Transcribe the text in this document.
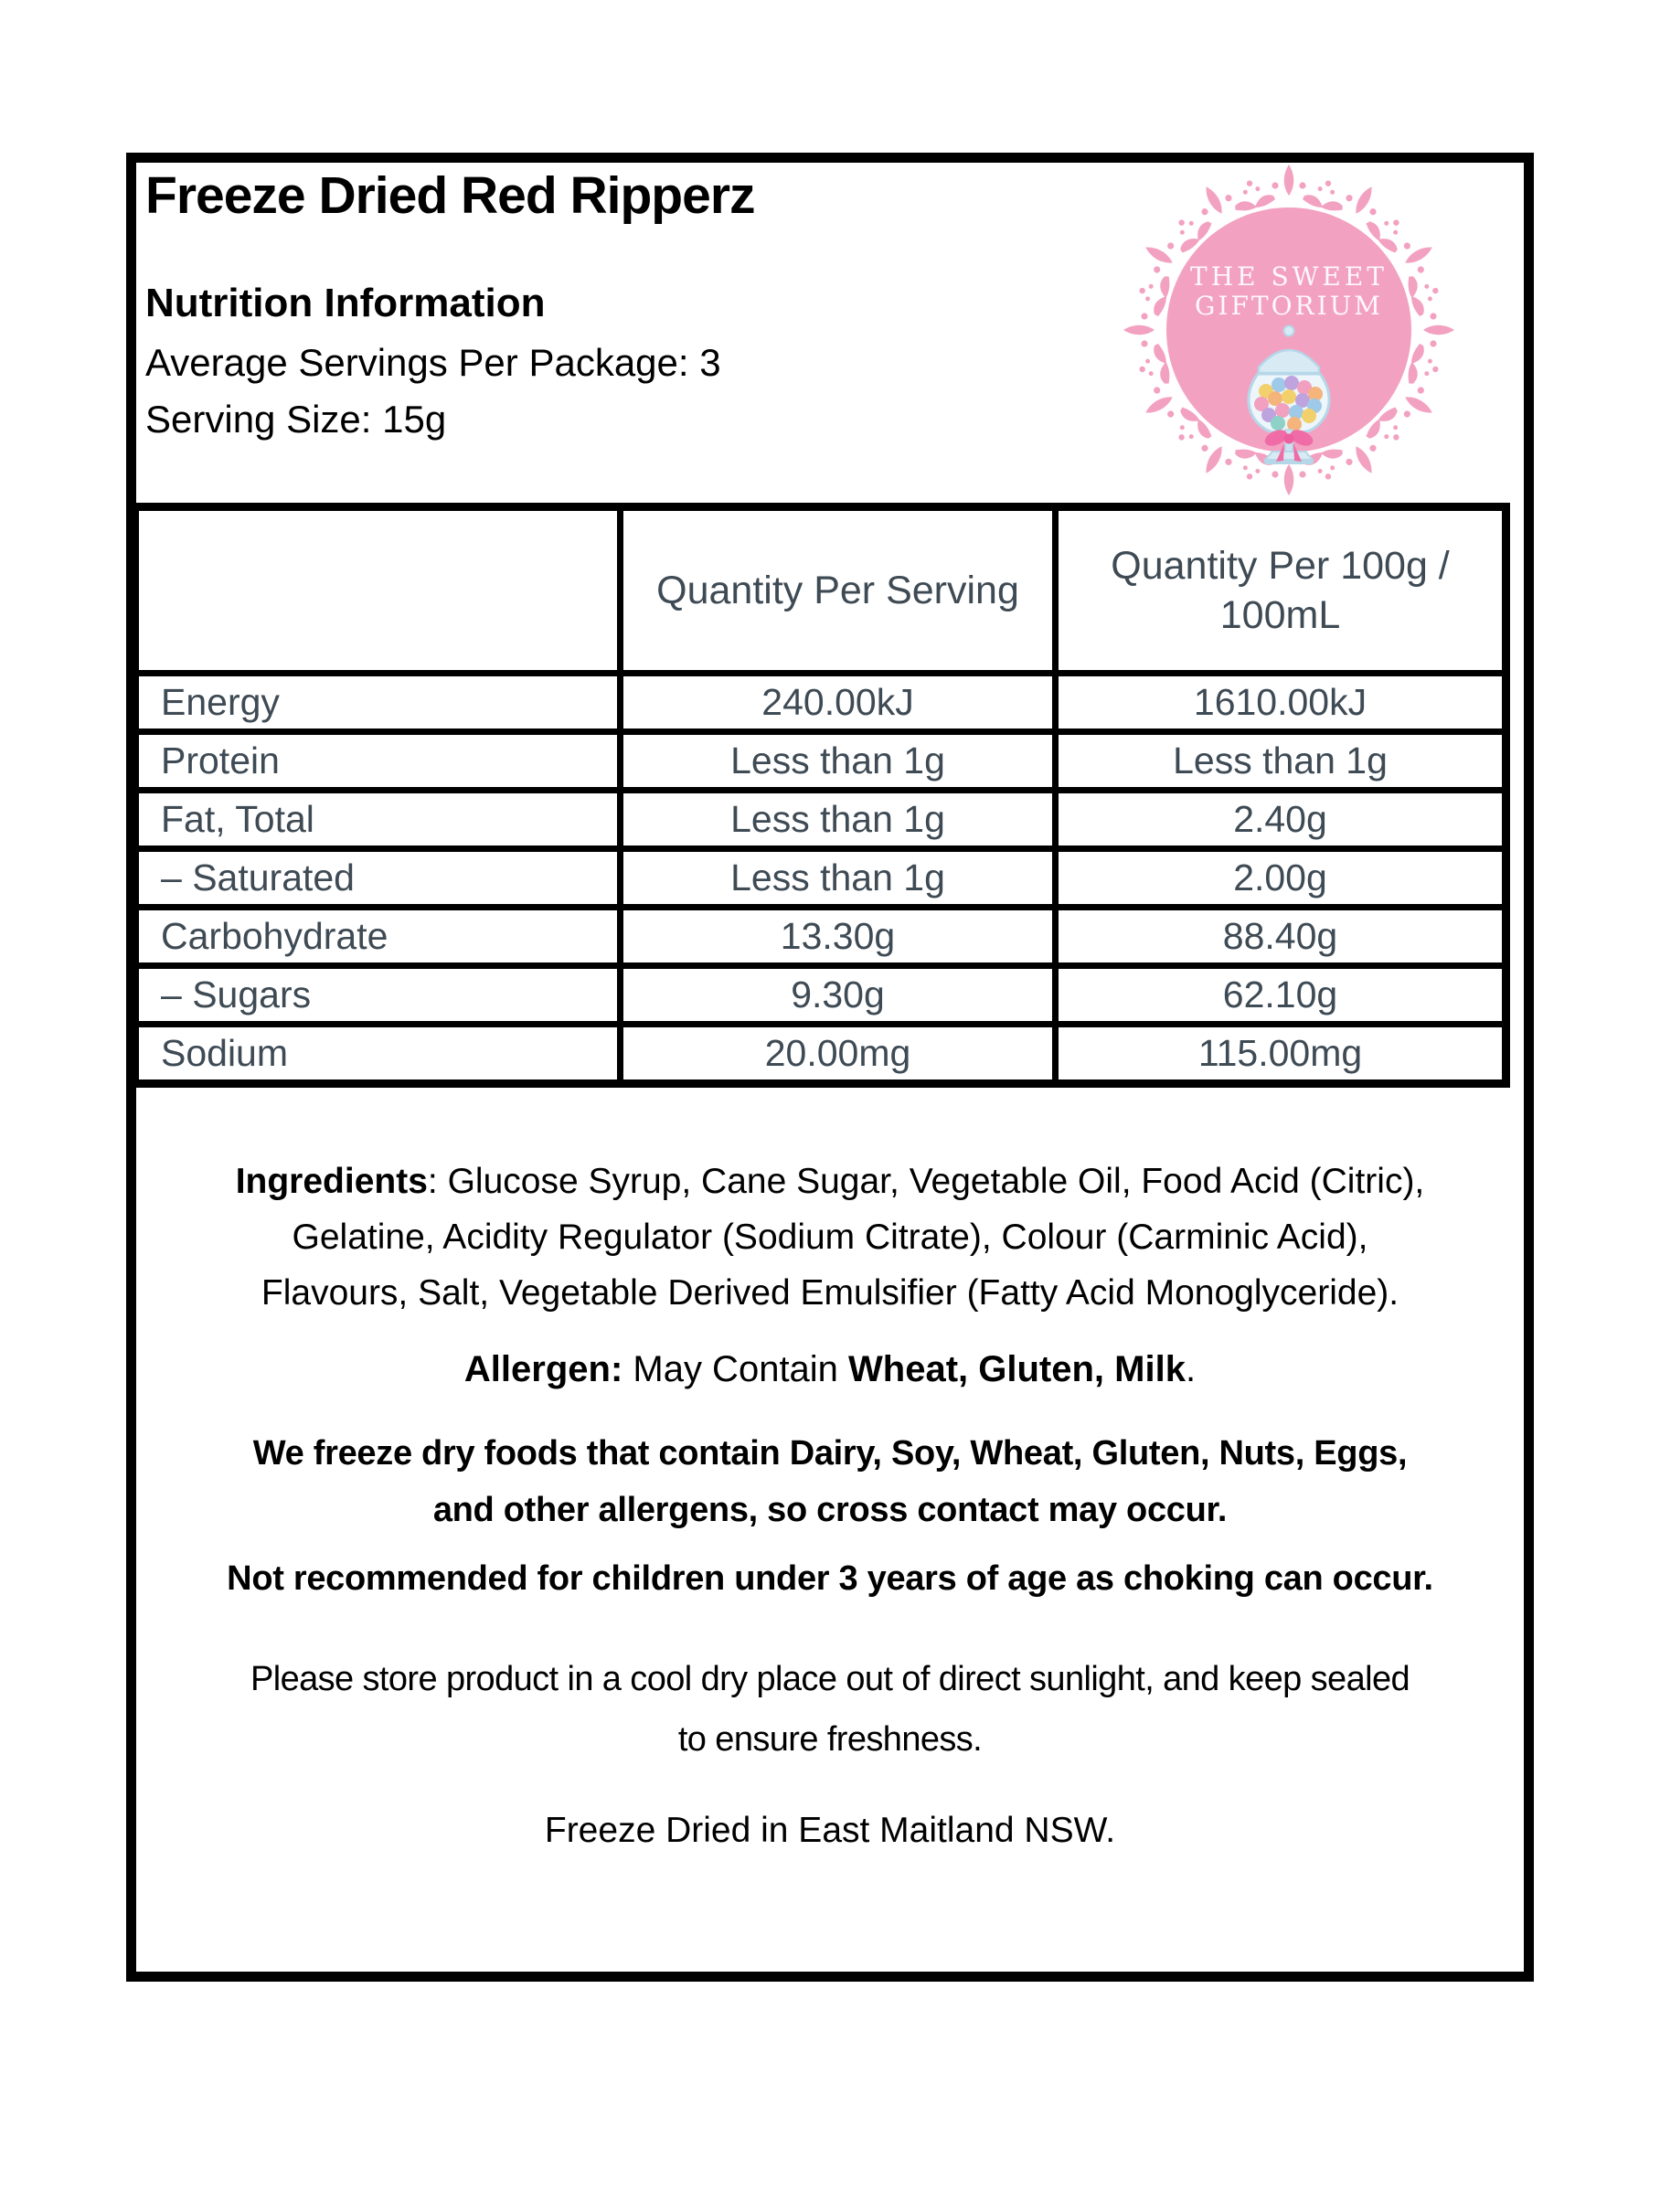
Freeze Dried Red Ripperz
Nutrition Information
Average Servings Per Package: 3
Serving Size: 15g
THE SWEET
GIFTORIUM
	Quantity Per Serving	Quantity Per 100g /
100mL

Energy	240.00kJ	1610.00kJ
Protein	Less than 1g	Less than 1g
Fat, Total	Less than 1g	2.40g
– Saturated	Less than 1g	2.00g
Carbohydrate	13.30g	88.40g
– Sugars	9.30g	62.10g
Sodium	20.00mg	115.00mg
Ingredients: Glucose Syrup, Cane Sugar, Vegetable Oil, Food Acid (Citric),
Gelatine, Acidity Regulator (Sodium Citrate), Colour (Carminic Acid),
Flavours, Salt, Vegetable Derived Emulsifier (Fatty Acid Monoglyceride).
Allergen: May Contain Wheat, Gluten, Milk.
We freeze dry foods that contain Dairy, Soy, Wheat, Gluten, Nuts, Eggs,
and other allergens, so cross contact may occur.
Not recommended for children under 3 years of age as choking can occur.
Please store product in a cool dry place out of direct sunlight, and keep sealed
to ensure freshness.
Freeze Dried in East Maitland NSW.
